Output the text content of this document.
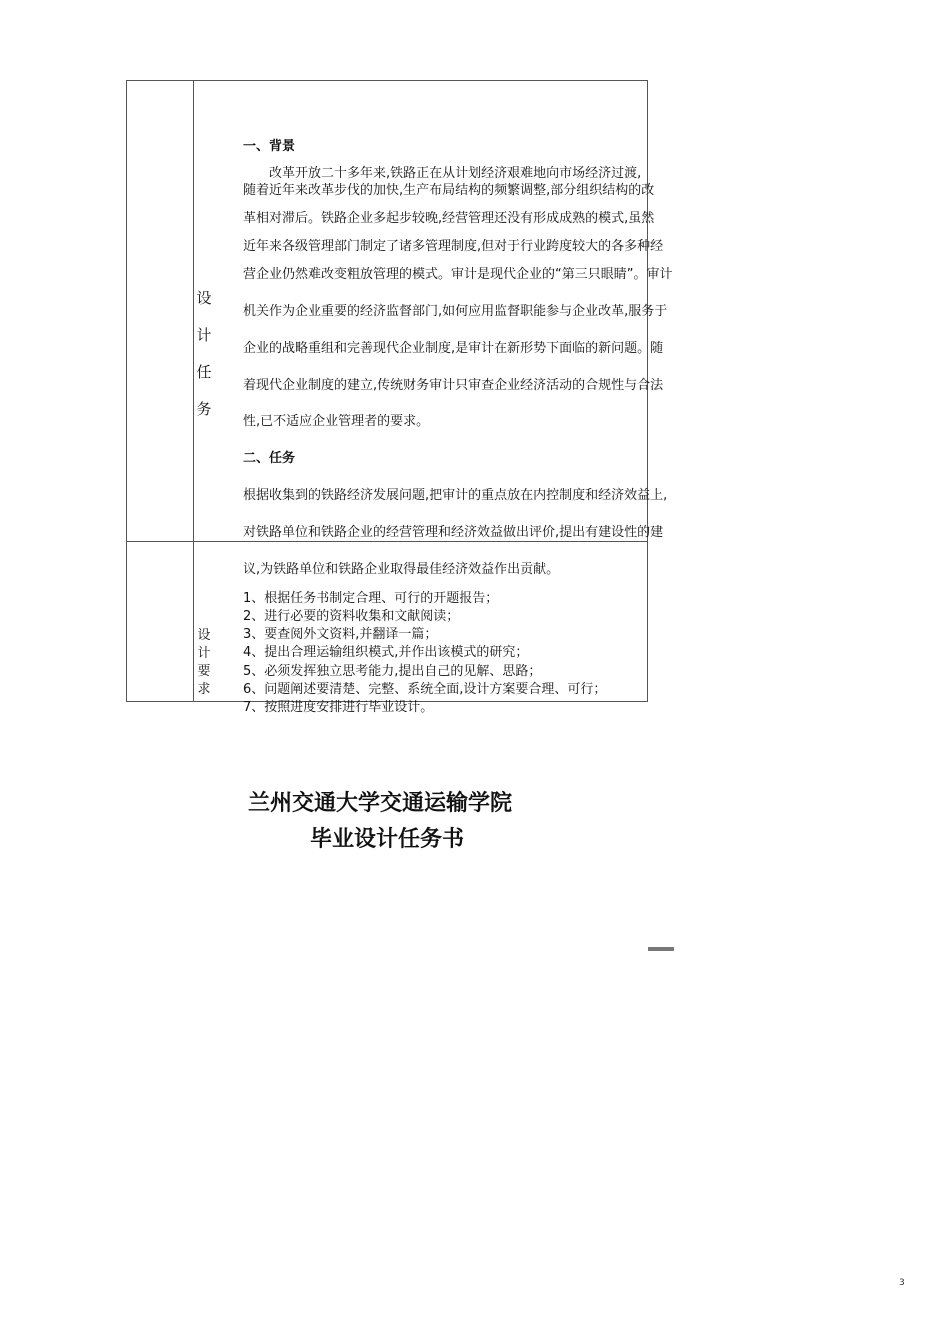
设
计
任
务
设
计
要
求
一、背景
　　改革开放二十多年来,铁路正在从计划经济艰难地向市场经济过渡,
随着近年来改革步伐的加快,生产布局结构的频繁调整,部分组织结构的改
革相对滞后。铁路企业多起步较晚,经营管理还没有形成成熟的模式,虽然
近年来各级管理部门制定了诸多管理制度,但对于行业跨度较大的各多种经
营企业仍然难改变粗放管理的模式。审计是现代企业的“第三只眼睛”。审计
机关作为企业重要的经济监督部门,如何应用监督职能参与企业改革,服务于
企业的战略重组和完善现代企业制度,是审计在新形势下面临的新问题。随
着现代企业制度的建立,传统财务审计只审查企业经济活动的合规性与合法
性,已不适应企业管理者的要求。
二、任务
根据收集到的铁路经济发展问题,把审计的重点放在内控制度和经济效益上,
对铁路单位和铁路企业的经营管理和经济效益做出评价,提出有建设性的建
议,为铁路单位和铁路企业取得最佳经济效益作出贡献。
1、根据任务书制定合理、可行的开题报告；
2、进行必要的资料收集和文献阅读；
3、要查阅外文资料,并翻译一篇；
4、提出合理运输组织模式,并作出该模式的研究；
5、必须发挥独立思考能力,提出自己的见解、思路；
6、问题阐述要清楚、完整、系统全面,设计方案要合理、可行；
7、按照进度安排进行毕业设计。
兰州交通大学交通运输学院
毕业设计任务书
3
